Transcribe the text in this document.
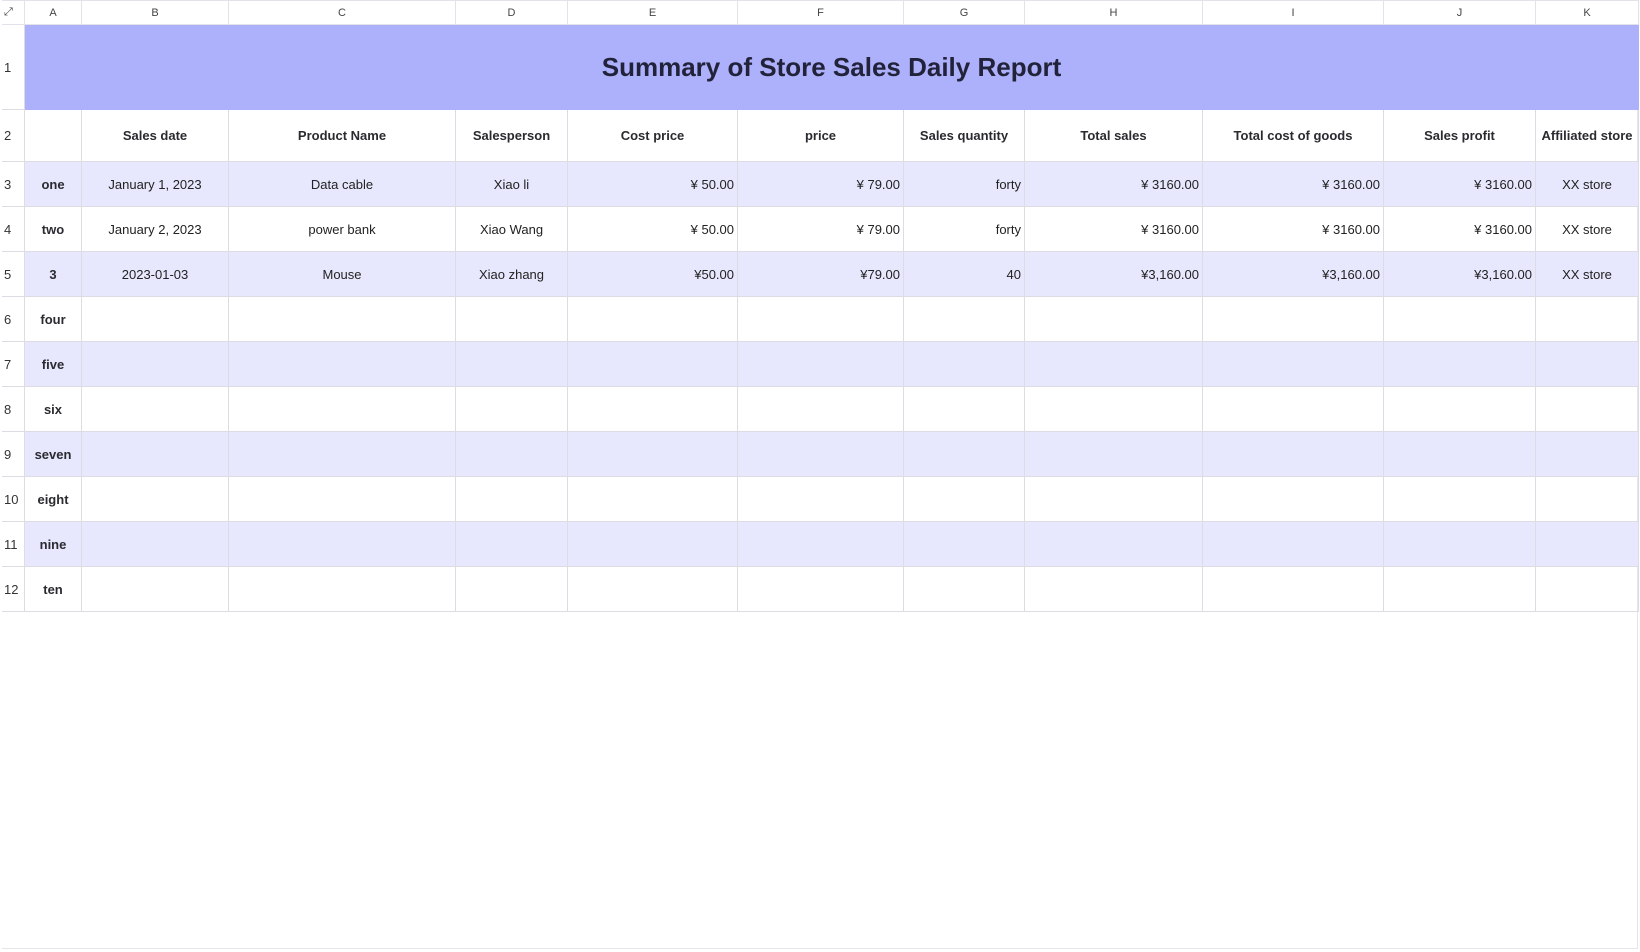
⤢	A	B	C	D	E	F	G	H	I	J	K
1	Summary of Store Sales Daily Report										
2		Sales date	Product Name	Salesperson	Cost price	price	Sales quantity	Total sales	Total cost of goods	Sales profit	Affiliated store
3	one	January 1, 2023	Data cable	Xiao li	¥ 50.00	¥ 79.00	forty	¥ 3160.00	¥ 3160.00	¥ 3160.00	XX store
4	two	January 2, 2023	power bank	Xiao Wang	¥ 50.00	¥ 79.00	forty	¥ 3160.00	¥ 3160.00	¥ 3160.00	XX store
5	3	2023-01-03	Mouse	Xiao zhang	¥50.00	¥79.00	40	¥3,160.00	¥3,160.00	¥3,160.00	XX store
6	four										
7	five										
8	six										
9	seven										
10	eight										
11	nine										
12	ten										
